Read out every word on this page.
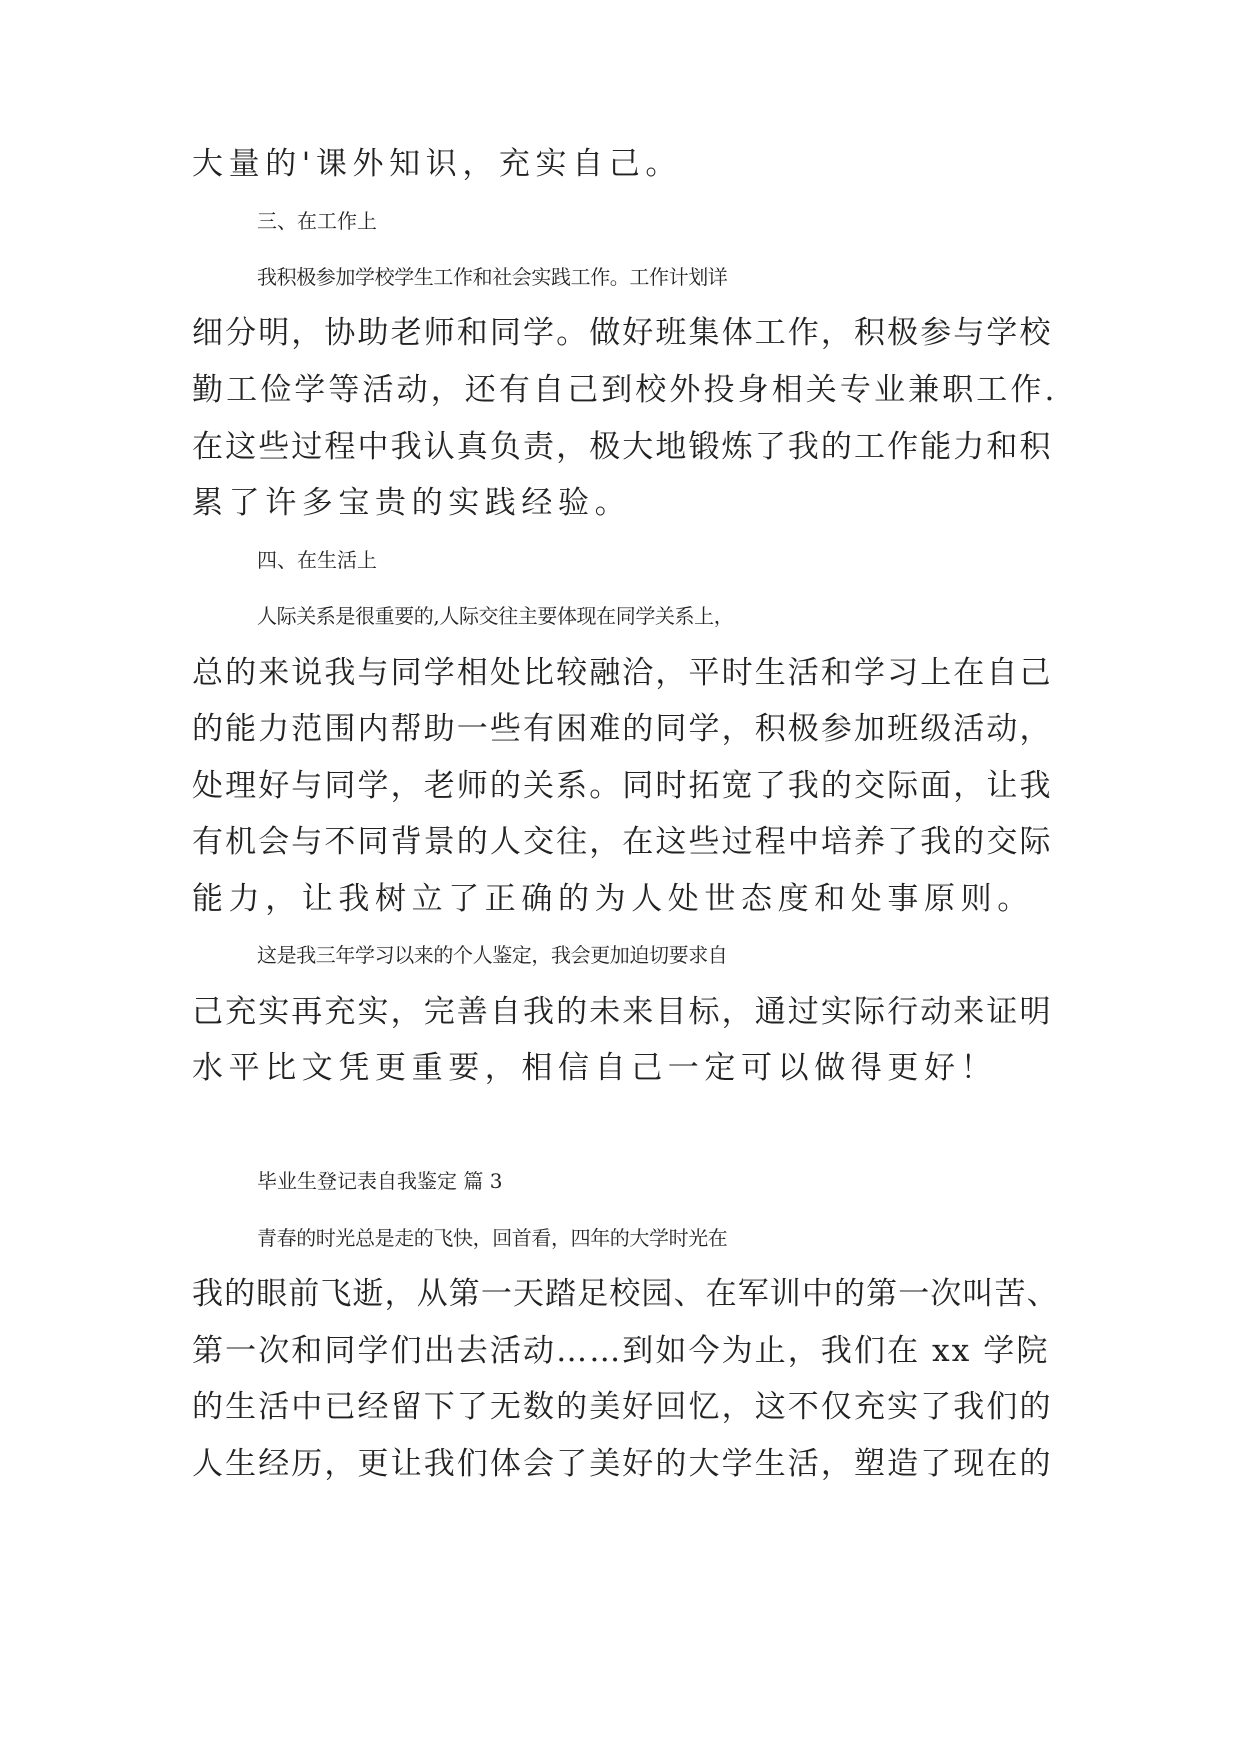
大量的'课外知识，充实自己。
三、在工作上
我积极参加学校学生工作和社会实践工作。工作计划详
细分明，协助老师和同学。做好班集体工作，积极参与学校
勤工俭学等活动，还有自己到校外投身相关专业兼职工作.
在这些过程中我认真负责，极大地锻炼了我的工作能力和积
累了许多宝贵的实践经验。
四、在生活上
人际关系是很重要的,人际交往主要体现在同学关系上，
总的来说我与同学相处比较融洽，平时生活和学习上在自己
的能力范围内帮助一些有困难的同学，积极参加班级活动，
处理好与同学，老师的关系。同时拓宽了我的交际面，让我
有机会与不同背景的人交往，在这些过程中培养了我的交际
能力，让我树立了正确的为人处世态度和处事原则。
这是我三年学习以来的个人鉴定，我会更加迫切要求自
己充实再充实，完善自我的未来目标，通过实际行动来证明
水平比文凭更重要，相信自己一定可以做得更好！
毕业生登记表自我鉴定 篇 3
青春的时光总是走的飞快，回首看，四年的大学时光在
我的眼前飞逝，从第一天踏足校园、在军训中的第一次叫苦、
第一次和同学们出去活动……到如今为止，我们在 xx 学院
的生活中已经留下了无数的美好回忆，这不仅充实了我们的
人生经历，更让我们体会了美好的大学生活，塑造了现在的
